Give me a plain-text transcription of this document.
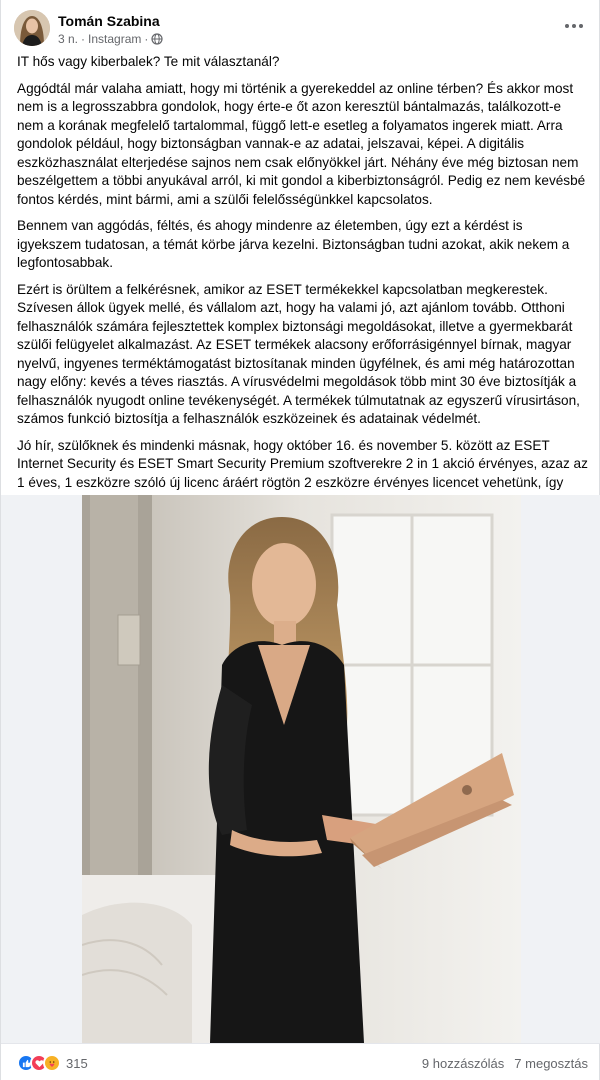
Tomán Szabina
3 n. · Instagram ·

IT hős vagy kiberbalek? Te mit választanál?

Aggódtál már valaha amiatt, hogy mi történik a gyerekeddel az online térben? És akkor most nem is a legrosszabbra gondolok, hogy érte-e őt azon keresztül bántalmazás, találkozott-e nem a korának megfelelő tartalommal, függő lett-e esetleg a folyamatos ingerek miatt. Arra gondolok például, hogy biztonságban vannak-e az adatai, jelszavai, képei. A digitális eszközhasználat elterjedése sajnos nem csak előnyökkel járt. Néhány éve még biztosan nem beszélgettem a többi anyukával arról, ki mit gondol a kiberbiztonságról. Pedig ez nem kevésbé fontos kérdés, mint bármi, ami a szülői felelősségünkkel kapcsolatos.

Bennem van aggódás, féltés, és ahogy mindenre az életemben, úgy ezt a kérdést is igyekszem tudatosan, a témát körbe járva kezelni. Biztonságban tudni azokat, akik nekem a legfontosabbak.

Ezért is örültem a felkérésnek, amikor az ESET termékekkel kapcsolatban megkerestek. Szívesen állok ügyek mellé, és vállalom azt, hogy ha valami jó, azt ajánlom tovább. Otthoni felhasználók számára fejlesztettek komplex biztonsági megoldásokat, illetve a gyermekbarát szülői felügyelet alkalmazást. Az ESET termékek alacsony erőforrásigénnyel bírnak, magyar nyelvű, ingyenes terméktámogatást biztosítanak minden ügyfélnek, és ami még határozottan nagy előny: kevés a téves riasztás. A vírusvédelmi megoldások több mint 30 éve biztosítják a felhasználók nyugodt online tevékenységét. A termékek túlmutatnak az egyszerű vírusirtáson, számos funkció biztosítja a felhasználók eszközeinek és adatainak védelmét.

Jó hír, szülőknek és mindenki másnak, hogy október 16. és november 5. között az ESET Internet Security és ESET Smart Security Premium szoftverekre 2 in 1 akció érvényes, azaz az 1 éves, 1 eszközre szóló új licenc áráért rögtön 2 eszközre érvényes licencet vehetünk, így

315	9 hozzászólás 7 megosztás
